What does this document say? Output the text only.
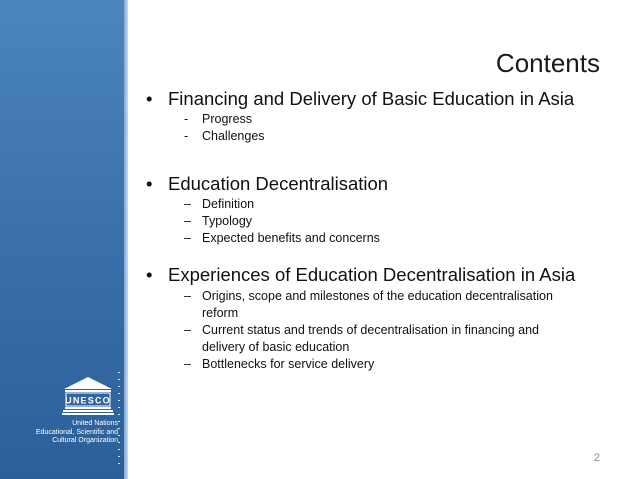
UNESCO
United Nations
Educational, Scientific and
Cultural Organization
Contents
• Financing and Delivery of Basic Education in Asia
- Progress
- Challenges
• Education Decentralisation
– Definition
– Typology
– Expected benefits and concerns
• Experiences of Education Decentralisation in Asia
– Origins, scope and milestones of the education decentralisation reform
– Current status and trends of decentralisation in financing and delivery of basic education
– Bottlenecks for service delivery
2
